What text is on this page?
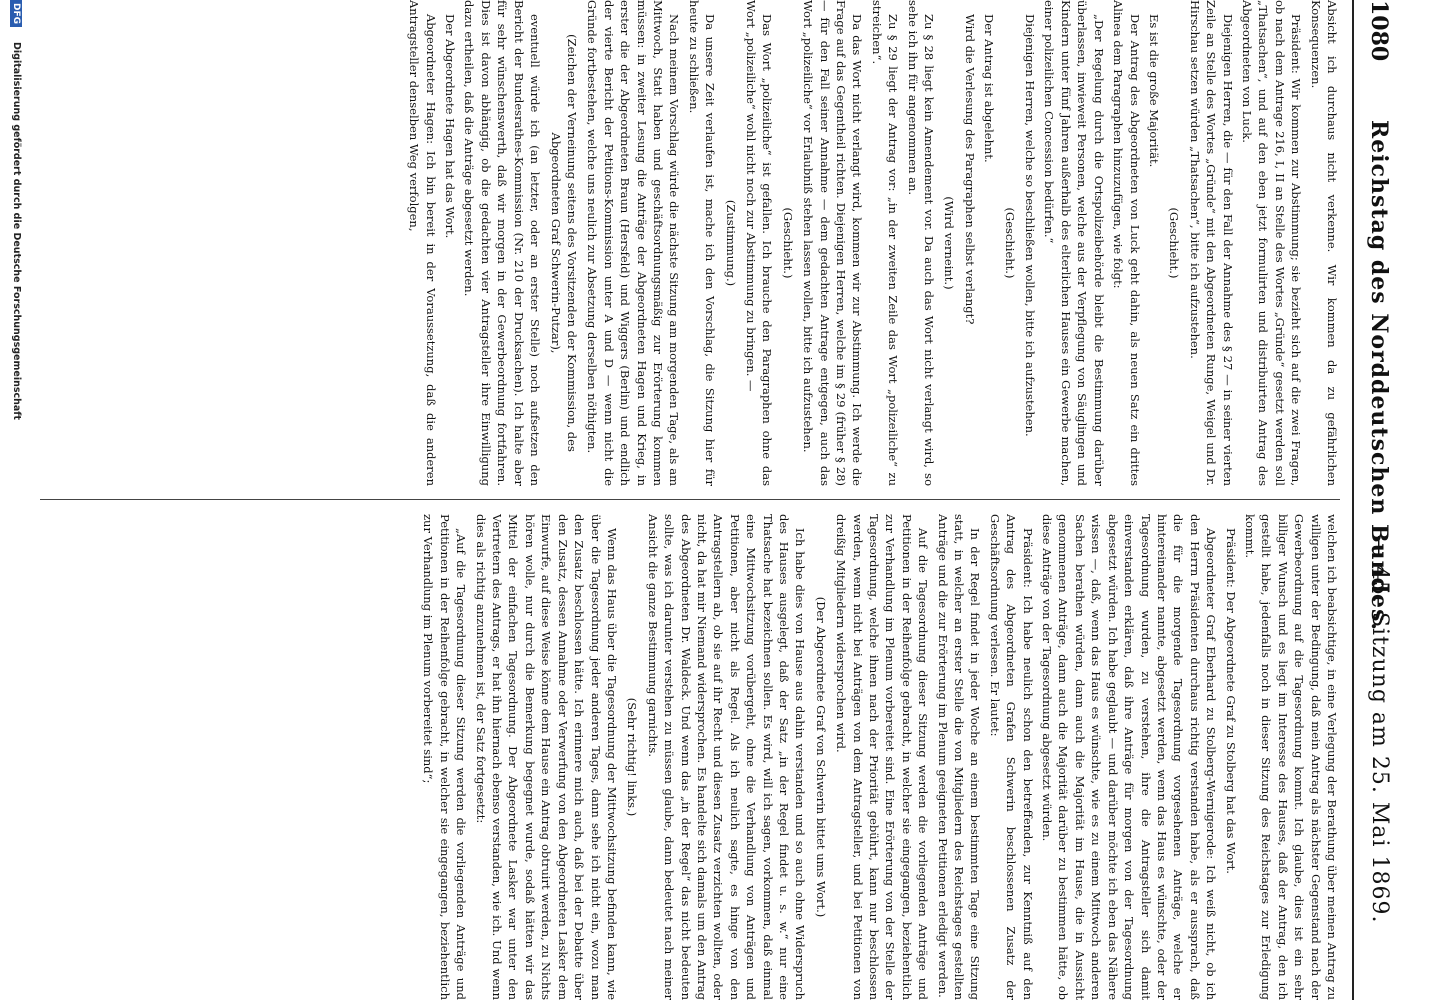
1080
Reichstag des Norddeutschen Bundes.
— 45. Sitzung am 25. Mai 1869.

Absicht ich durchaus nicht verkenne. Wir kommen da zu gefährlichen Konsequenzen.

Präsident: Wir kommen zur Abstimmung; sie bezieht sich auf die zwei Fragen, ob nach dem Antrage 216, I, II an Stelle des Wortes „Gründe“ gesetzt werden soll „Thatsachen“, und auf den eben jetzt formulirten und distribuirten Antrag des Abgeordneten von Luck.

Diejenigen Herren, die — für den Fall der Annahme des § 27 — in seiner vierten Zeile an Stelle des Wortes „Gründe“ mit den Abgeordneten Runge, Weigel und Dr. Hirschau setzen würden „Thatsachen“, bitte ich aufzustehen.

(Geschieht.)

Es ist die große Majorität.

Der Antrag des Abgeordneten von Luck geht dahin, als neuen Satz ein drittes Alinea dem Paragraphen hinzuzufügen, wie folgt:

„Der Regelung durch die Ortspolizeibehörde bleibt die Bestimmung darüber überlassen, inwieweit Personen, welche aus der Verpflegung von Säuglingen und Kindern unter fünf Jahren außerhalb des elterlichen Hauses ein Gewerbe machen, einer polizeilichen Concession bedürfen.“

Diejenigen Herren, welche so beschließen wollen, bitte ich aufzustehen.

(Geschieht.)

Der Antrag ist abgelehnt.

Wird die Verlesung des Paragraphen selbst verlangt?

(Wird verneint.)

Zu § 28 liegt kein Amendement vor. Da auch das Wort nicht verlangt wird, so sehe ich ihn für angenommen an.

Zu § 29 liegt der Antrag vor: „in der zweiten Zeile das Wort „polizeiliche“ zu streichen“.

Da das Wort nicht verlangt wird, kommen wir zur Abstimmung. Ich werde die Frage auf das Gegentheil richten. Diejenigen Herren, welche im § 29 (früher § 28) — für den Fall seiner Annahme — dem gedachten Antrage entgegen, auch das Wort „polizeiliche“ vor Erlaubniß stehen lassen wollen, bitte ich aufzustehen.

(Geschieht.)

Das Wort „polizeiliche“ ist gefallen. Ich brauche den Paragraphen ohne das Wort „polizeiliche“ wohl nicht noch zur Abstimmung zu bringen. —

(Zustimmung.)

Da unsere Zeit verlaufen ist, mache ich den Vorschlag, die Sitzung hier für heute zu schließen.

Nach meinem Vorschlag würde die nächste Sitzung am morgenden Tage, als am Mittwoch, Statt haben und geschäftsordnungsmäßig zur Erörterung kommen müssen: in zweiter Lesung die Anträge der Abgeordneten Hagen und Krieg, in erster die der Abgeordneten Braun (Hersfeld) und Wiggers (Berlin) und endlich der vierte Bericht der Petitions-Kommission unter A und D — wenn nicht die Gründe fortbestehen, welche uns neulich zur Absetzung derselben nöthigten.

(Zeichen der Verneinung seitens des Vorsitzenden der Kommission, des Abgeordneten Graf Schwerin-Putzar),

eventuell würde ich (an letzter, oder an erster Stelle) noch aufsetzen den Bericht der Bundesrathes-Kommission (Nr. 210 der Drucksachen). Ich halte aber für sehr wünschenswerth, daß wir morgen in der Gewerbeordnung fortfahren. Dies ist davon abhängig, ob die gedachten vier Antragsteller ihre Einwilligung dazu ertheilen, daß die Anträge abgesetzt werden.

Der Abgeordnete Hagen hat das Wort.

Abgeordneter Hagen: Ich bin bereit in der Voraussetzung, daß die anderen Antragsteller denselben Weg verfolgen,

welchen ich beabsichtige, in eine Verlegung der Berathung über meinen Antrag zu willigen unter der Bedingung, daß mein Antrag als nächster Gegenstand nach der Gewerbeordnung auf die Tagesordnung kommt. Ich glaube, dies ist ein sehr billiger Wunsch und es liegt im Interesse des Hauses, daß der Antrag, den ich gestellt habe, jedenfalls noch in dieser Sitzung des Reichstages zur Erledigung kommt.

Präsident: Der Abgeordnete Graf zu Stolberg hat das Wort.

Abgeordneter Graf Eberhard zu Stolberg-Wernigerode: Ich weiß nicht, ob ich den Herrn Präsidenten durchaus richtig verstanden habe, als er aussprach, daß die für die morgende Tagesordnung vorgesehenen Anträge, welche er hintereinander nannte, abgesetzt werden, wenn das Haus es wünschte, oder der Tagesordnung wurden, zu verstehen, ihre die Antragsteller sich damit einverstanden erklären, daß ihre Anträge für morgen von der Tagesordnung abgesetzt würden. Ich habe geglaubt — und darüber möchte ich eben das Nähere wissen —, daß, wenn das Haus es wünschte, wie es zu einem Mittwoch anderen Sachen berathen würden, dann auch die Majorität im Hause, die in Aussicht genommenen Anträge, dann auch die Majorität darüber zu bestimmen hätte, ob diese Anträge von der Tagesordnung abgesetzt würden.

Präsident: Ich habe neulich schon den betreffenden, zur Kenntniß auf den Antrag des Abgeordneten Grafen Schwerin beschlossenen Zusatz der Geschäftsordnung verlesen. Er lautet:

In der Regel findet in jeder Woche an einem bestimmten Tage eine Sitzung statt, in welcher an erster Stelle die von Mitgliedern des Reichstages gestellten Anträge und die zur Erörterung im Plenum geeigneten Petitionen erledigt werden.

Auf die Tagesordnung dieser Sitzung werden die vorliegenden Anträge und Petitionen in der Reihenfolge gebracht, in welcher sie eingegangen, beziehentlich zur Verhandlung im Plenum vorbereitet sind. Eine Erörterung von der Stelle der Tagesordnung, welche ihnen nach der Priorität gebührt, kann nur beschlossen werden, wenn nicht bei Anträgen von dem Antragsteller, und bei Petitionen von dreißig Mitgliedern widersprochen wird.

(Der Abgeordnete Graf von Schwerin bittet ums Wort.)

Ich habe dies von Hause aus dahin verstanden und so auch ohne Widerspruch des Hauses ausgelegt, daß der Satz „in der Regel findet u. s. w.“ nur eine Thatsache hat bezeichnen sollen. Es wird, will ich sagen, vorkommen, daß einmal eine Mittwochsitzung vorübergeht, ohne die Verhandlung von Anträgen und Petitionen, aber nicht als Regel. Als ich neulich sagte, es hinge von den Antragstellern ab, ob sie auf ihr Recht und diesen Zusatz verzichten wollten, oder nicht, da hat mir Niemand widersprochen. Es handelte sich damals um den Antrag des Abgeordneten Dr. Waldeck. Und wenn das „in der Regel“ das nicht bedeuten sollte, was ich darunter verstehen zu müssen glaube, dann bedeutet nach meiner Ansicht die ganze Bestimmung garnichts.

(Sehr richtig! links.)

Wenn das Haus über die Tagesordnung der Mittwochsitzung befinden kann, wie über die Tagesordnung jeder anderen Tages, dann sehe ich nicht ein, wozu man den Zusatz beschlossen hätte. Ich erinnere mich auch, daß bei der Debatte über den Zusatz, dessen Annahme oder Verwerfung von den Abgeordneten Lasker dem Einwurfe, auf diese Weise könne dem Hause ein Antrag obtruirt werden, zu Nichts hören wolle, nur durch die Bemerkung begegnet wurde, sodaß hätten wir das Mittel der einfachen Tagesordnung. Der Abgeordnete Lasker war unter den Vertretern des Antrags, er hat ihn hiernach ebenso verstanden, wie ich. Und wenn dies als richtig anzunehmen ist, der Satz fortgesetzt:

„Auf die Tagesordnung dieser Sitzung werden die vorliegenden Anträge und Petitionen in der Reihenfolge gebracht, in welcher sie eingegangen, beziehentlich zur Verhandlung im Plenum vorbereitet sind“;

DFG
Digitalisierung gefördert durch die Deutsche Forschungsgemeinschaft
